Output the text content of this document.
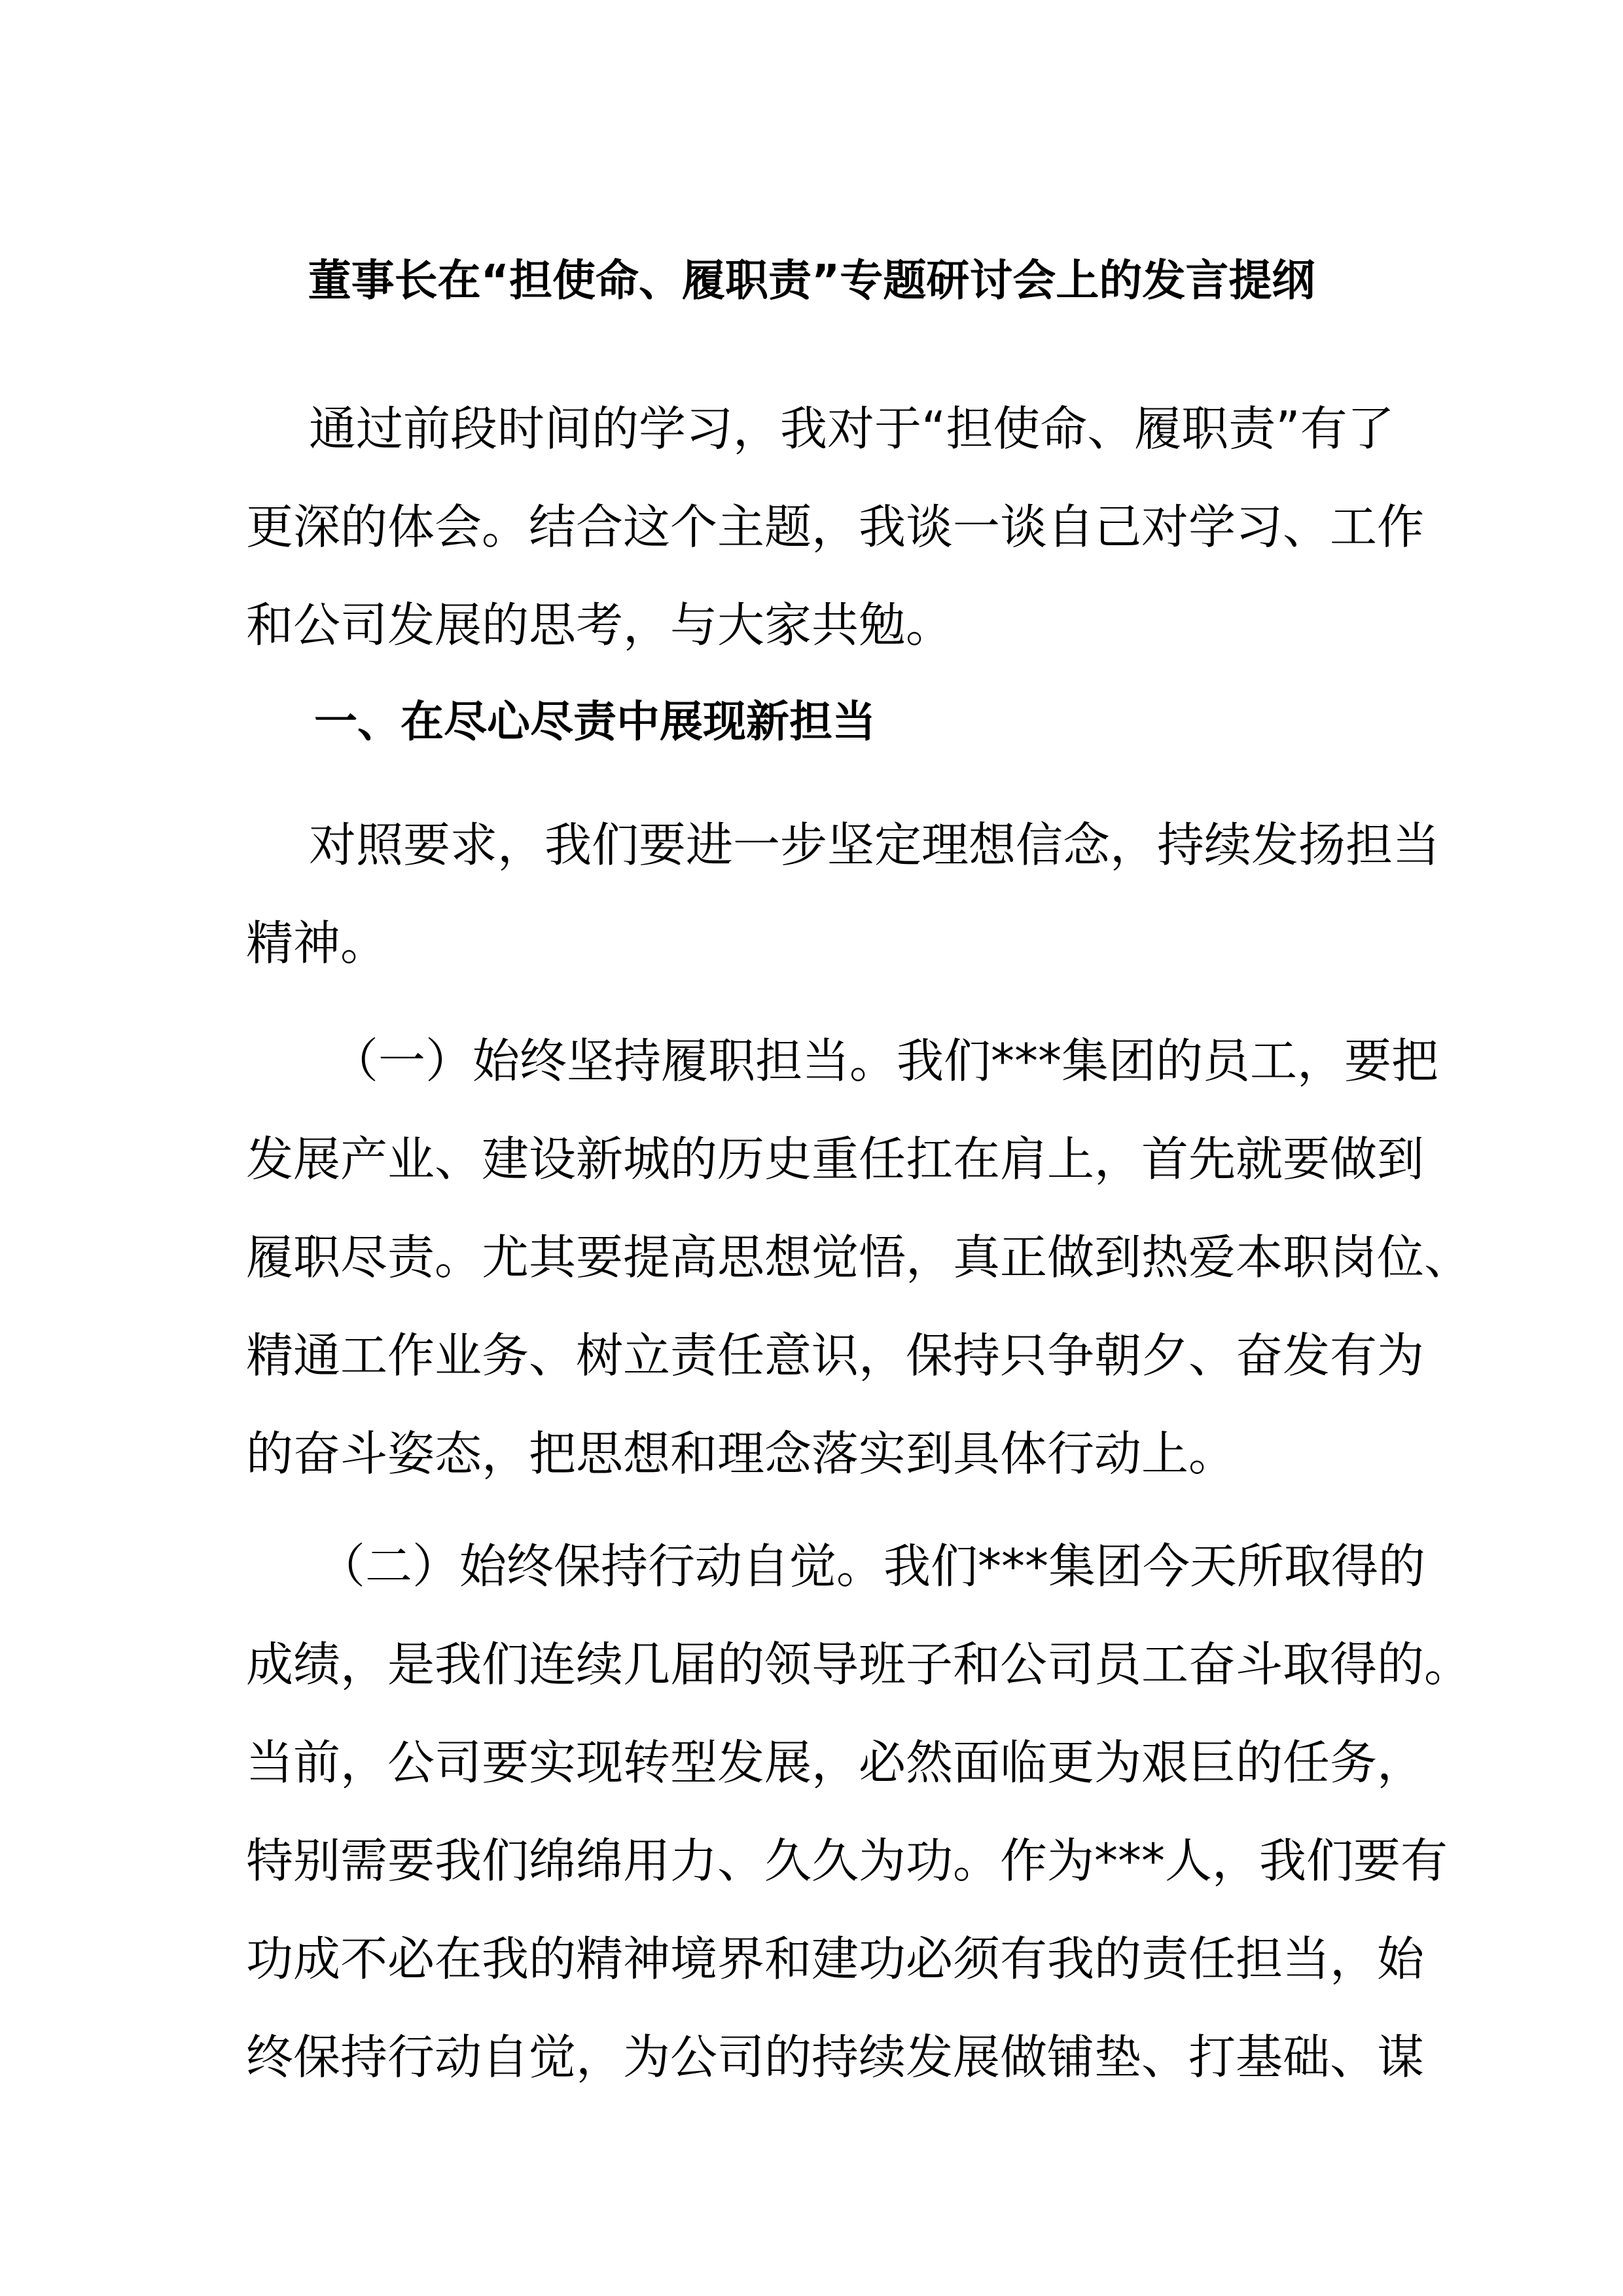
董事长在“担使命、履职责”专题研讨会上的发言提纲
通过前段时间的学习，我对于“担使命、履职责”有了
更深的体会。结合这个主题，我谈一谈自己对学习、工作
和公司发展的思考，与大家共勉。
一、在尽心尽责中展现新担当
对照要求，我们要进一步坚定理想信念，持续发扬担当
精神。
（一）始终坚持履职担当。我们***集团的员工，要把
发展产业、建设新城的历史重任扛在肩上，首先就要做到
履职尽责。尤其要提高思想觉悟，真正做到热爱本职岗位、
精通工作业务、树立责任意识，保持只争朝夕、奋发有为
的奋斗姿态，把思想和理念落实到具体行动上。
（二）始终保持行动自觉。我们***集团今天所取得的
成绩，是我们连续几届的领导班子和公司员工奋斗取得的。
当前，公司要实现转型发展，必然面临更为艰巨的任务，
特别需要我们绵绵用力、久久为功。作为***人，我们要有
功成不必在我的精神境界和建功必须有我的责任担当，始
终保持行动自觉，为公司的持续发展做铺垫、打基础、谋
